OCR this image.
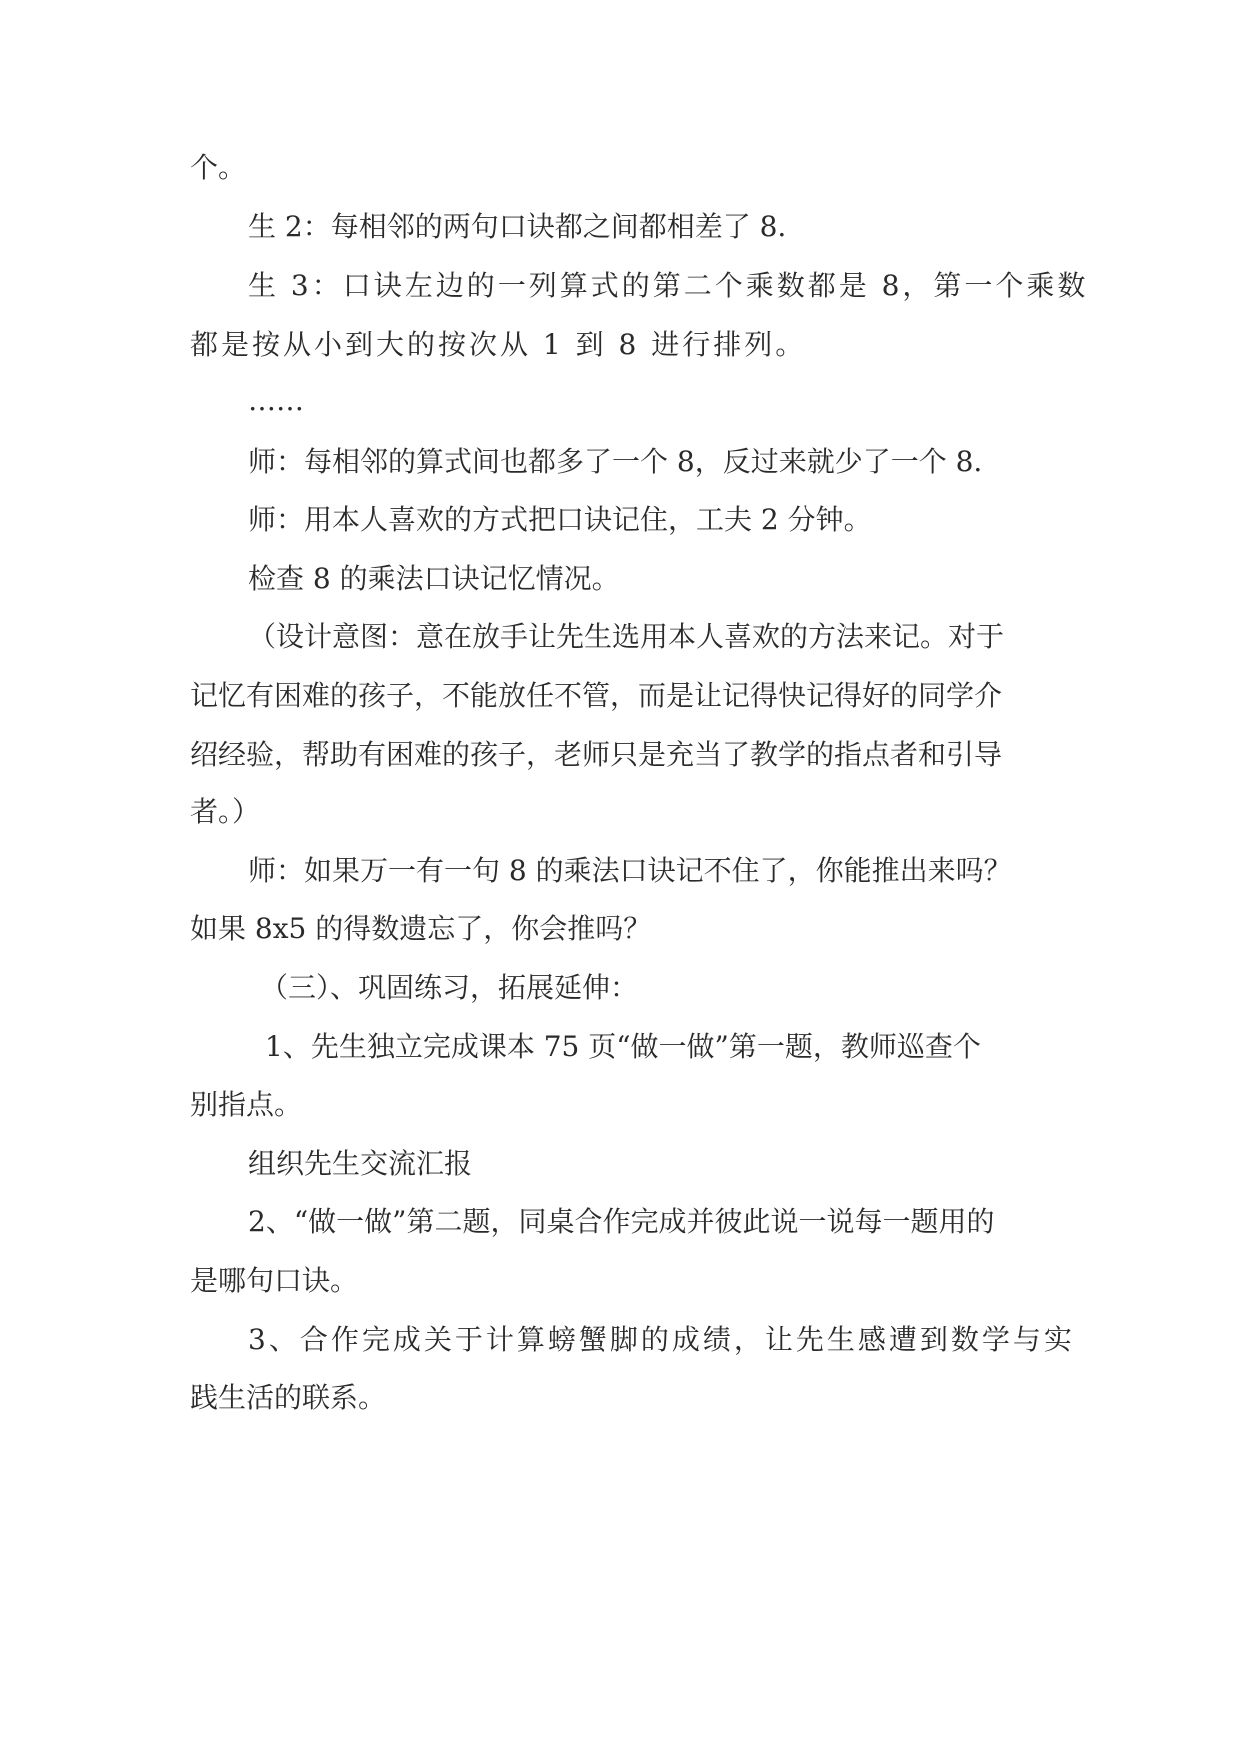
个。
生 2：每相邻的两句口诀都之间都相差了 8.
生 3：口诀左边的一列算式的第二个乘数都是 8，第一个乘数
都是按从小到大的按次从 1 到 8 进行排列。
……
师：每相邻的算式间也都多了一个 8，反过来就少了一个 8.
师：用本人喜欢的方式把口诀记住，工夫 2 分钟。
检查 8 的乘法口诀记忆情况。
（设计意图：意在放手让先生选用本人喜欢的方法来记。对于
记忆有困难的孩子，不能放任不管，而是让记得快记得好的同学介
绍经验，帮助有困难的孩子，老师只是充当了教学的指点者和引导
者。）
师：如果万一有一句 8 的乘法口诀记不住了，你能推出来吗？
如果 8x5 的得数遗忘了，你会推吗？
（三）、巩固练习，拓展延伸：
1、先生独立完成课本 75 页“做一做”第一题，教师巡查个
别指点。
组织先生交流汇报
2、“做一做”第二题，同桌合作完成并彼此说一说每一题用的
是哪句口诀。
3、合作完成关于计算螃蟹脚的成绩，让先生感遭到数学与实
践生活的联系。
